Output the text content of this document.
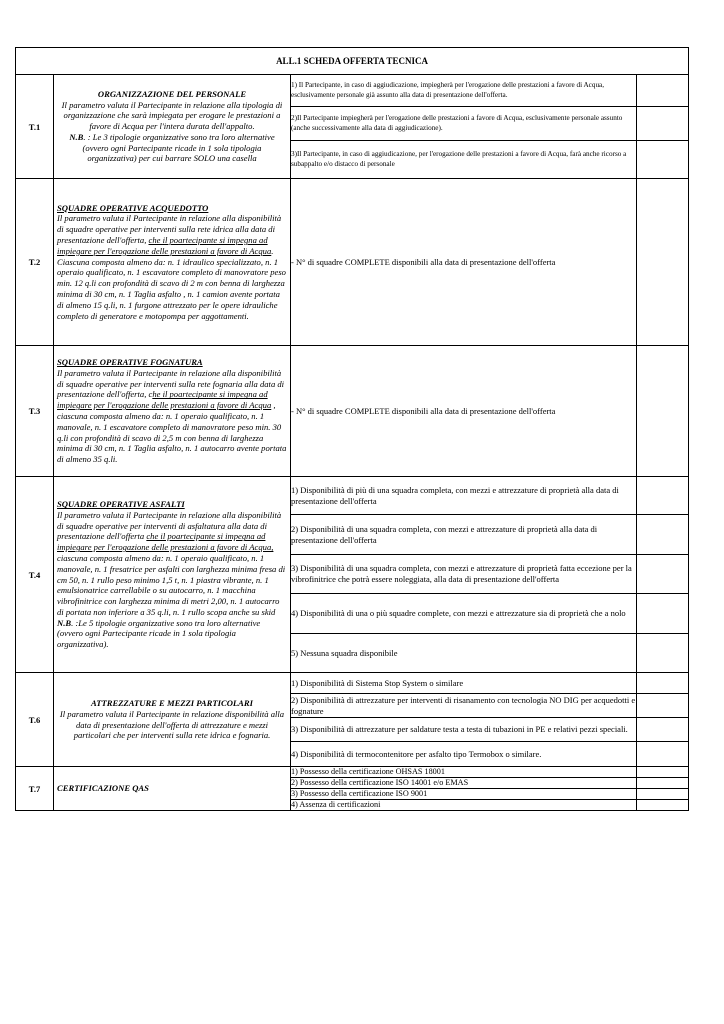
ALL.1 SCHEDA OFFERTA TECNICA			
T.1	ORGANIZZAZIONE DEL PERSONALE
Il parametro valuta il Partecipante in relazione alla tipologia di organizzazione che sarà impiegata per erogare le prestazioni a favore di Acqua per l'intera durata dell'appalto.
N.B. : Le 3 tipologie organizzative sono tra loro alternative (ovvero ogni Partecipante ricade in 1 sola tipologia organizzativa) per cui barrare SOLO una casella	1) Il Partecipante, in caso di aggiudicazione, impiegherà per l'erogazione delle prestazioni a favore di Acqua, esclusivamente personale già assunto alla data di presentazione dell'offerta.	
		2)Il Partecipante impiegherà per l'erogazione delle prestazioni a favore di Acqua, esclusivamente personale assunto (anche successivamente alla data di aggiudicazione).	
		3)Il Partecipante, in caso di aggiudicazione, per l'erogazione delle prestazioni a favore di Acqua, farà anche ricorso a subappalto e/o distacco di personale	
T.2	SQUADRE OPERATIVE ACQUEDOTTO
Il parametro valuta il Partecipante in relazione alla disponibilità di squadre operative per interventi sulla rete idrica alla data di presentazione dell'offerta, che il poartecipante si impegna ad impiegare per l'erogazione delle prestazioni a favore di Acqua. Ciascuna composta almeno da: n. 1 idraulico specializzato, n. 1 operaio qualificato, n. 1 escavatore completo di manovratore peso min. 12 q.li con profondità di scavo di 2 m con benna di larghezza minima di 30 cm, n. 1 Taglia asfalto , n. 1 camion avente portata di almeno 15 q.li, n. 1 furgone attrezzato per le opere idrauliche completo di generatore e motopompa per aggottamenti.	- N° di squadre COMPLETE disponibili alla data di presentazione dell'offerta	
T.3	SQUADRE OPERATIVE FOGNATURA
Il parametro valuta il Partecipante in relazione alla disponibilità di squadre operative per interventi sulla rete fognaria alla data di presentazione dell'offerta, che il poartecipante si impegna ad impiegare per l'erogazione delle prestazioni a favore di Acqua , ciascuna composta almeno da: n. 1 operaio qualificato, n. 1 manovale, n. 1 escavatore completo di manovratore peso min. 30 q.li con profondità di scavo di 2,5 m con benna di larghezza minima di 30 cm, n. 1 Taglia asfalto, n. 1 autocarro avente portata di almeno 35 q.li.	- N° di squadre COMPLETE disponibili alla data di presentazione dell'offerta	
T.4	SQUADRE OPERATIVE ASFALTI
Il parametro valuta il Partecipante in relazione alla disponibilità di squadre operative per interventi di asfaltatura alla data di presentazione dell'offerta che il poartecipante si impegna ad impiegare per l'erogazione delle prestazioni a favore di Acqua, ciascuna composta almeno da: n. 1 operaio qualificato, n. 1 manovale, n. 1 fresatrice per asfalti con larghezza minima fresa di cm 50, n. 1 rullo peso minimo 1,5 t, n. 1 piastra vibrante, n. 1 emulsionatrice carrellabile o su autocarro, n. 1 macchina vibrofinitrice con larghezza minima di metri 2,00, n. 1 autocarro di portata non inferiore a 35 q.li, n. 1 rullo scopa anche su skid
N.B. :Le 5 tipologie organizzative sono tra loro alternative (ovvero ogni Partecipante ricade in 1 sola tipologia organizzativa).	1) Disponibilità di più di una squadra completa, con mezzi e attrezzature di proprietà alla data di presentazione dell'offerta	
		2) Disponibilità di una squadra completa, con mezzi e attrezzature di proprietà alla data di presentazione dell'offerta	
		3) Disponibilità di una squadra completa, con mezzi e attrezzature di proprietà fatta eccezione per la vibrofinitrice che potrà essere noleggiata, alla data di presentazione dell'offerta	
		4) Disponibilità di una o più squadre complete, con mezzi e attrezzature sia di proprietà che a nolo	
		5) Nessuna squadra disponibile	
T.6	ATTREZZATURE E MEZZI PARTICOLARI
Il parametro valuta il Partecipante in relazione disponibilità alla data di presentazione dell'offerta di attrezzature e mezzi particolari che per interventi sulla rete idrica e fognaria.	1) Disponibilità di Sistema Stop System o similare	
		2) Disponibilità di attrezzature per interventi di risanamento con tecnologia NO DIG per acquedotti e fognature	
		3) Disponibilità di attrezzature per saldature testa a testa di tubazioni in PE e relativi pezzi speciali.	
		4) Disponibilità di termocontenitore per asfalto tipo Termobox o similare.	
T.7	CERTIFICAZIONE QAS	1) Possesso della certificazione OHSAS 18001	
		2) Possesso della certificazione ISO 14001 e/o EMAS	
		3) Possesso della certificazione ISO 9001	
		4) Assenza di certificazioni	
